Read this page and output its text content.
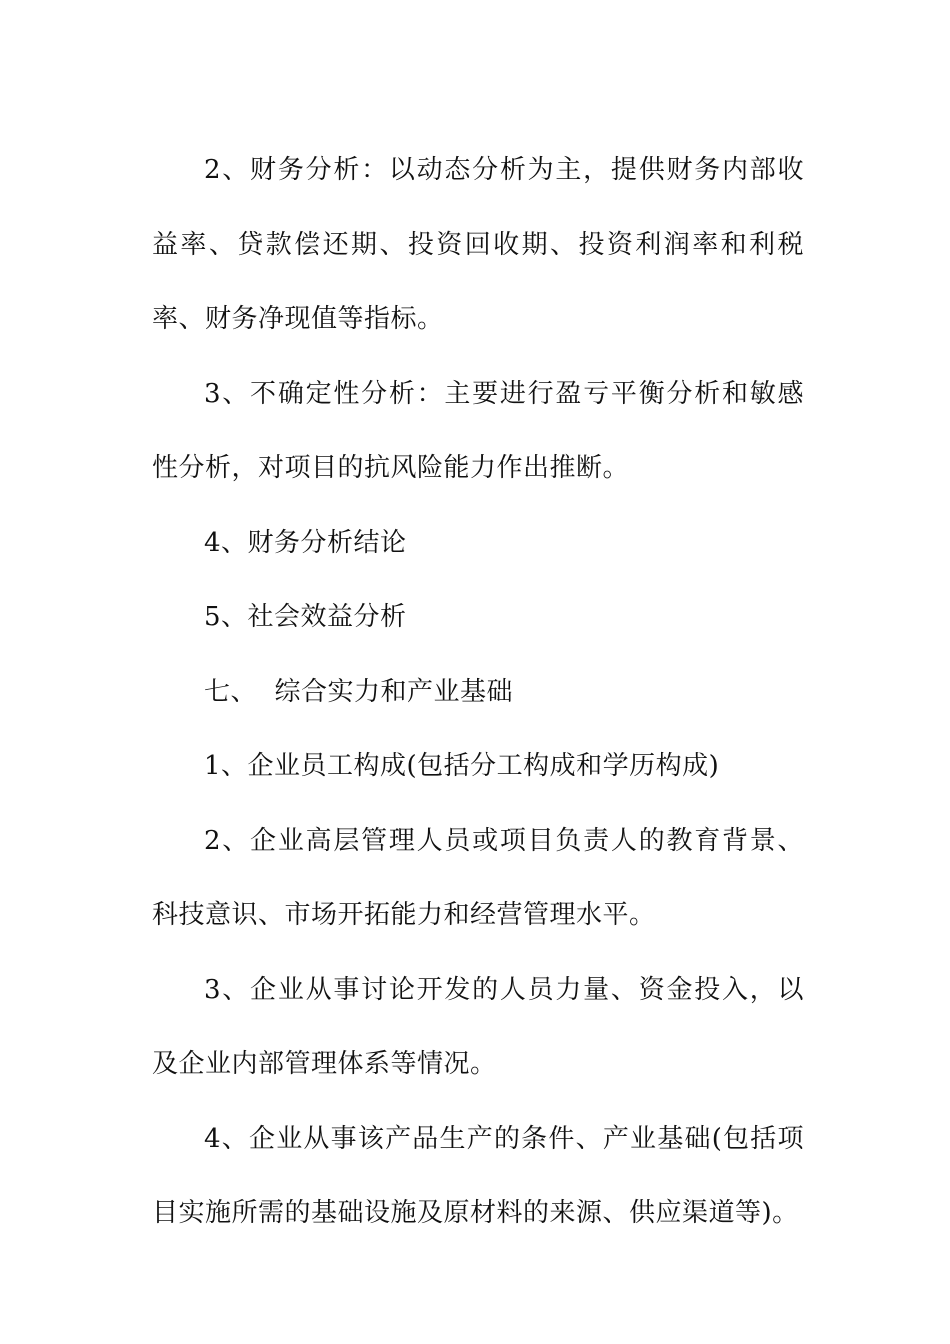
2、财务分析：以动态分析为主，提供财务内部收益率、贷款偿还期、投资回收期、投资利润率和利税率、财务净现值等指标。

3、不确定性分析：主要进行盈亏平衡分析和敏感性分析，对项目的抗风险能力作出推断。

4、财务分析结论

5、社会效益分析

七、  综合实力和产业基础

1、企业员工构成(包括分工构成和学历构成)

2、企业高层管理人员或项目负责人的教育背景、科技意识、市场开拓能力和经营管理水平。

3、企业从事讨论开发的人员力量、资金投入，以及企业内部管理体系等情况。

4、企业从事该产品生产的条件、产业基础(包括项目实施所需的基础设施及原材料的来源、供应渠道等)。
